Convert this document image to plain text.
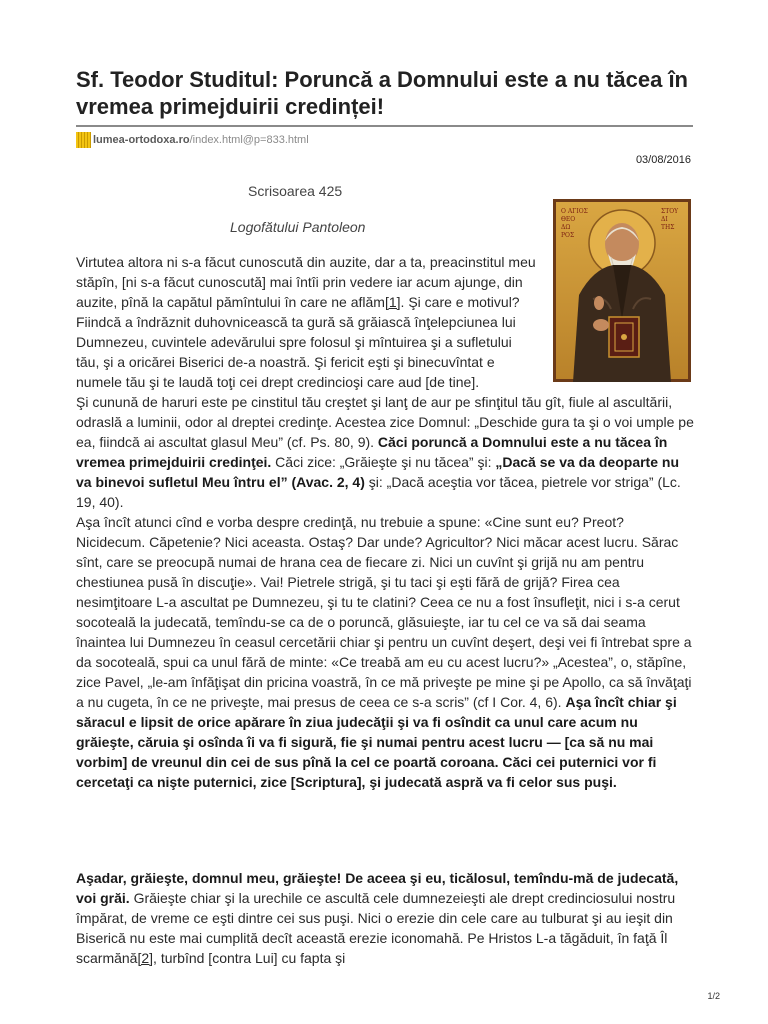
Sf. Teodor Studitul: Poruncă a Domnului este a nu tăcea în vremea primejduirii credinței!
lumea-ortodoxa.ro/index.html@p=833.html
03/08/2016
Scrisoarea 425
Logofătului Pantoleon
Ο ΑΓΙΟΣ
ΘΕΟ
ΔΩ
ΡΟΣ
ΣΤΟΥ
ΔΙ
ΤΗΣ

Virtutea altora ni s-a făcut cunoscută din auzite, dar a ta, preacinstitul meu stăpîn, [ni s-a făcut cunoscută] mai întîi prin vedere iar acum ajunge, din auzite, pînă la capătul pămîntului în care ne aflăm[1]. Şi care e motivul? Fiindcă a îndrăznit duhovnicească ta gură să grăiască înţelepciunea lui Dumnezeu, cuvintele adevărului spre folosul şi mîntuirea şi a sufletului tău, şi a oricărei Biserici de-a noastră. Şi fericit eşti şi binecuvîntat e numele tău şi te laudă toţi cei drept credincioşi care aud [de tine].
Şi cunună de haruri este pe cinstitul tău creştet şi lanţ de aur pe sfinţitul tău gît, fiule al ascultării, odraslă a luminii, odor al dreptei credinţe. Acestea zice Domnul: „Deschide gura ta şi o voi umple pe ea, fiindcă ai ascultat glasul Meu” (cf. Ps. 80, 9). Căci poruncă a Domnului este a nu tăcea în vremea primejduirii credinţei. Căci zice: „Grăieşte şi nu tăcea” şi: „Dacă se va da deoparte nu va binevoi sufletul Meu întru el” (Avac. 2, 4) şi: „Dacă aceştia vor tăcea, pietrele vor striga” (Lc. 19, 40).
Aşa încît atunci cînd e vorba despre credinţă, nu trebuie a spune: «Cine sunt eu? Preot? Nicidecum. Căpetenie? Nici aceasta. Ostaş? Dar unde? Agricultor? Nici măcar acest lucru. Sărac sînt, care se preocupă numai de hrana cea de fiecare zi. Nici un cuvînt şi grijă nu am pentru chestiunea pusă în discuţie». Vai! Pietrele strigă, şi tu taci şi eşti fără de grijă? Firea cea nesimţitoare L-a ascultat pe Dumnezeu, şi tu te clatini? Ceea ce nu a fost însufleţit, nici i s-a cerut socoteală la judecată, temîndu-se ca de o poruncă, glăsuieşte, iar tu cel ce va să dai seama înaintea lui Dumnezeu în ceasul cercetării chiar şi pentru un cuvînt deşert, deşi vei fi întrebat spre a da socoteală, spui ca unul fără de minte: «Ce treabă am eu cu acest lucru?» „Acestea”, o, stăpîne, zice Pavel, „le-am înfăţişat din pricina voastră, în ce mă priveşte pe mine şi pe Apollo, ca să învăţaţi a nu cugeta, în ce ne priveşte, mai presus de ceea ce s-a scris” (cf I Cor. 4, 6). Aşa încît chiar şi săracul e lipsit de orice apărare în ziua judecăţii şi va fi osîndit ca unul care acum nu grăieşte, căruia şi osînda îi va fi sigură, fie şi numai pentru acest lucru — [ca să nu mai vorbim] de vreunul din cei de sus pînă la cel ce poartă coroana. Căci cei puternici vor fi cercetaţi ca nişte puternici, zice [Scriptura], şi judecată aspră va fi celor sus puşi.

Aşadar, grăieşte, domnul meu, grăieşte! De aceea şi eu, ticălosul, temîndu-mă de judecată, voi grăi. Grăieşte chiar şi la urechile ce ascultă cele dumnezeieşti ale drept credinciosului nostru împărat, de vreme ce eşti dintre cei sus puşi. Nici o erezie din cele care au tulburat şi au ieşit din Biserică nu este mai cumplită decît această erezie iconomahă. Pe Hristos L-a tăgăduit, în faţă Îl scarmănă[2], turbînd [contra Lui] cu fapta şi

1/2
